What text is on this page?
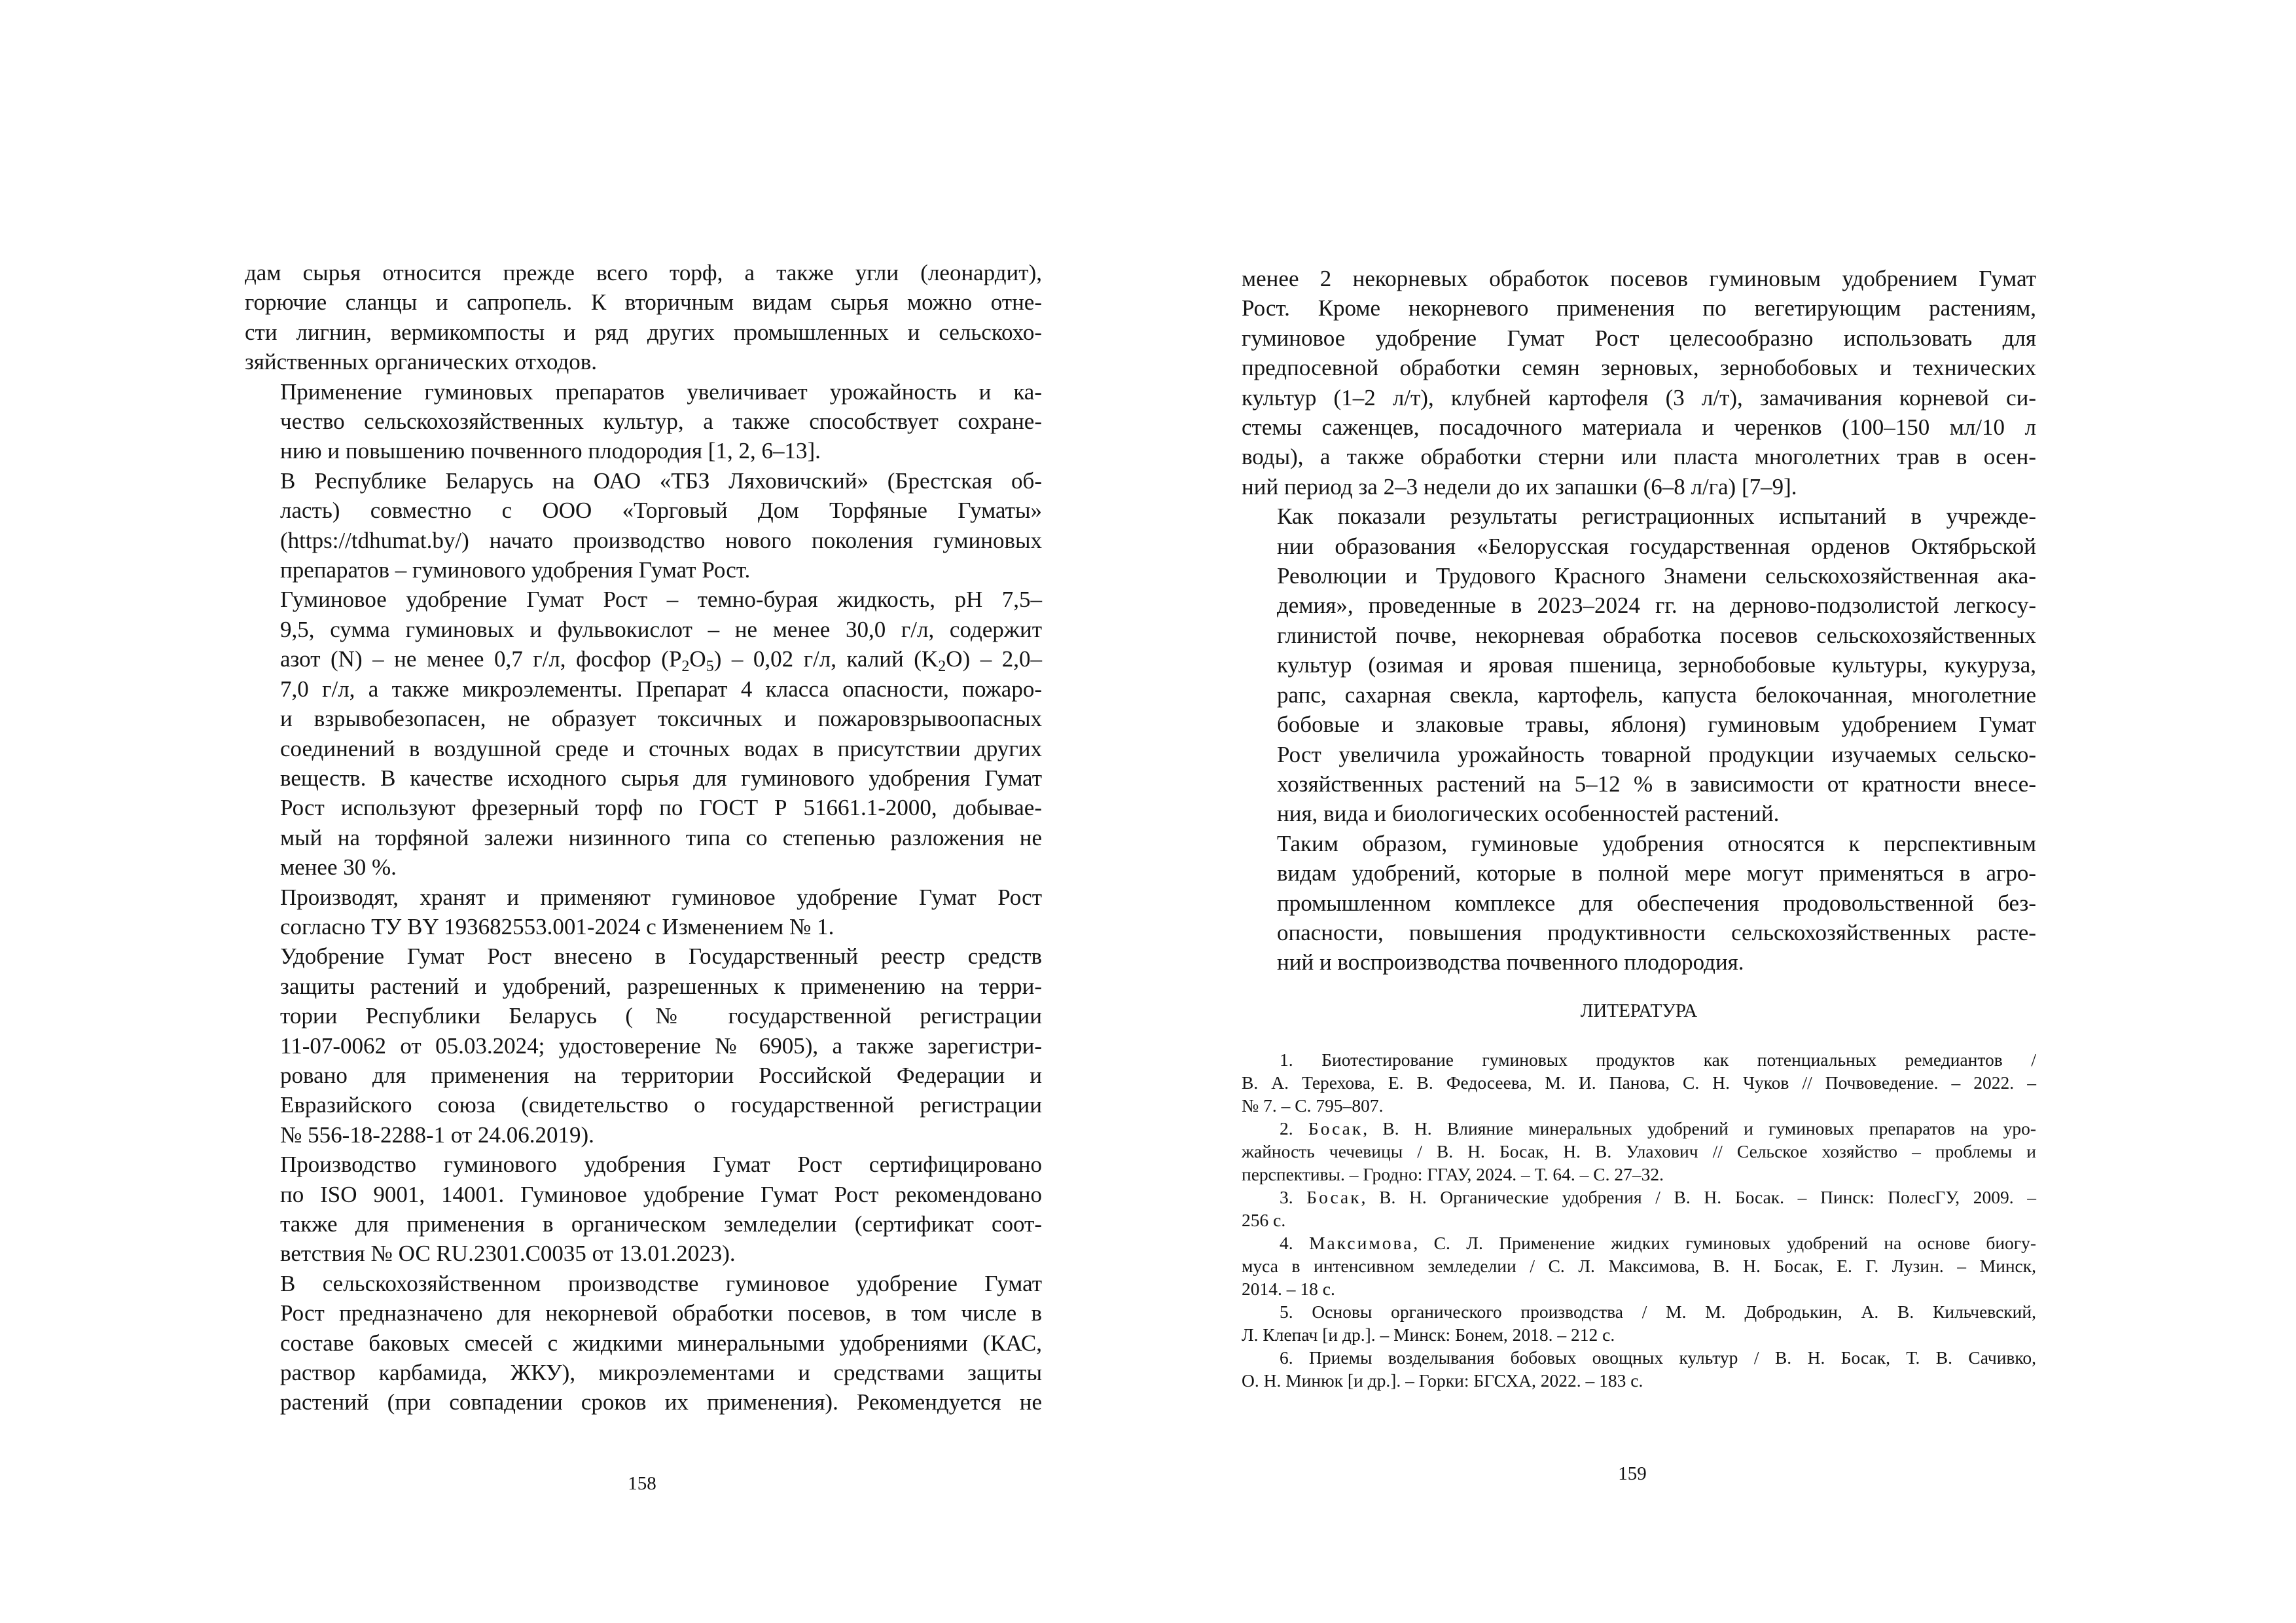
дам сырья относится прежде всего торф, а также угли (леонардит),
горючие сланцы и сапропель. К вторичным видам сырья можно отне-
сти лигнин, вермикомпосты и ряд других промышленных и сельскохо-
зяйственных органических отходов.

Применение гуминовых препаратов увеличивает урожайность и ка-
чество сельскохозяйственных культур, а также способствует сохране-
нию и повышению почвенного плодородия [1, 2, 6–13].

В Республике Беларусь на ОАО «ТБЗ Ляховичский» (Брестская об-
ласть) совместно с ООО «Торговый Дом Торфяные Гуматы»
(https://tdhumat.by/) начато производство нового поколения гуминовых
препаратов – гуминового удобрения Гумат Рост.

Гуминовое удобрение Гумат Рост – темно-бурая жидкость, рН 7,5–
9,5, сумма гуминовых и фульвокислот – не менее 30,0 г/л, содержит
азот (N) – не менее 0,7 г/л, фосфор $(P_2O_5) - 0,02$ г/л, калий $(K_2O) - 2,0-$
7,0 г/л, а также микроэлементы. Препарат 4 класса опасности, пожаро-
и взрывобезопасен, не образует токсичных и пожаровзрывоопасных
соединений в воздушной среде и сточных водах в присутствии других
веществ. В качестве исходного сырья для гуминового удобрения Гумат
Рост используют фрезерный торф по ГОСТ Р 51661.1-2000, добывае-
мый на торфяной залежи низинного типа со степенью разложения не
менее 30 %.

Производят, хранят и применяют гуминовое удобрение Гумат Рост
согласно ТУ BY 193682553.001-2024 с Изменением № 1.

Удобрение Гумат Рост внесено в Государственный реестр средств
защиты растений и удобрений, разрешенных к применению на терри-
тории Республики Беларусь (№ государственной регистрации
11-07-0062 от 05.03.2024; удостоверение № 6905), а также зарегистри-
ровано для применения на территории Российской Федерации и
Евразийского союза (свидетельство о государственной регистрации
№ 556-18-2288-1 от 24.06.2019).

Производство гуминового удобрения Гумат Рост сертифицировано
по ISO 9001, 14001. Гуминовое удобрение Гумат Рост рекомендовано
также для применения в органическом земледелии (сертификат соот-
ветствия № ОС RU.2301.С0035 от 13.01.2023).

В сельскохозяйственном производстве гуминовое удобрение Гумат
Рост предназначено для некорневой обработки посевов, в том числе в
составе баковых смесей с жидкими минеральными удобрениями (КАС,
раствор карбамида, ЖКУ), микроэлементами и средствами защиты
растений (при совпадении сроков их применения). Рекомендуется не

158

менее 2 некорневых обработок посевов гуминовым удобрением Гумат
Рост. Кроме некорневого применения по вегетирующим растениям,
гуминовое удобрение Гумат Рост целесообразно использовать для
предпосевной обработки семян зерновых, зернобобовых и технических
культур (1–2 л/т), клубней картофеля (3 л/т), замачивания корневой си-
стемы саженцев, посадочного материала и черенков (100–150 мл/10 л
воды), а также обработки стерни или пласта многолетних трав в осен-
ний период за 2–3 недели до их запашки (6–8 л/га) [7–9].

Как показали результаты регистрационных испытаний в учрежде-
нии образования «Белорусская государственная орденов Октябрьской
Революции и Трудового Красного Знамени сельскохозяйственная ака-
демия», проведенные в 2023–2024 гг. на дерново-подзолистой легкосу-
глинистой почве, некорневая обработка посевов сельскохозяйственных
культур (озимая и яровая пшеница, зернобобовые культуры, кукуруза,
рапс, сахарная свекла, картофель, капуста белокочанная, многолетние
бобовые и злаковые травы, яблоня) гуминовым удобрением Гумат
Рост увеличила урожайность товарной продукции изучаемых сельско-
хозяйственных растений на 5–12 % в зависимости от кратности внесе-
ния, вида и биологических особенностей растений.

Таким образом, гуминовые удобрения относятся к перспективным
видам удобрений, которые в полной мере могут применяться в агро-
промышленном комплексе для обеспечения продовольственной без-
опасности, повышения продуктивности сельскохозяйственных расте-
ний и воспроизводства почвенного плодородия.

ЛИТЕРАТУРА

1. Биотестирование гуминовых продуктов как потенциальных ремедиантов /
В. А. Терехова, Е. В. Федосеева, М. И. Панова, С. Н. Чуков // Почвоведение. – 2022. –
№ 7. – С. 795–807.

2. Босак, В. Н. Влияние минеральных удобрений и гуминовых препаратов на уро-
жайность чечевицы / В. Н. Босак, Н. В. Улахович // Сельское хозяйство – проблемы и
перспективы. – Гродно: ГГАУ, 2024. – Т. 64. – С. 27–32.

3. Босак, В. Н. Органические удобрения / В. Н. Босак. – Пинск: ПолесГУ, 2009. –
256 с.

4. Максимова, С. Л. Применение жидких гуминовых удобрений на основе биогу-
муса в интенсивном земледелии / С. Л. Максимова, В. Н. Босак, Е. Г. Лузин. – Минск,
2014. – 18 с.

5. Основы органического производства / М. М. Добродькин, А. В. Кильчевский,
Л. Клепач [и др.]. – Минск: Бонем, 2018. – 212 с.

6. Приемы возделывания бобовых овощных культур / В. Н. Босак, Т. В. Сачивко,
О. Н. Минюк [и др.]. – Горки: БГСХА, 2022. – 183 с.

159
